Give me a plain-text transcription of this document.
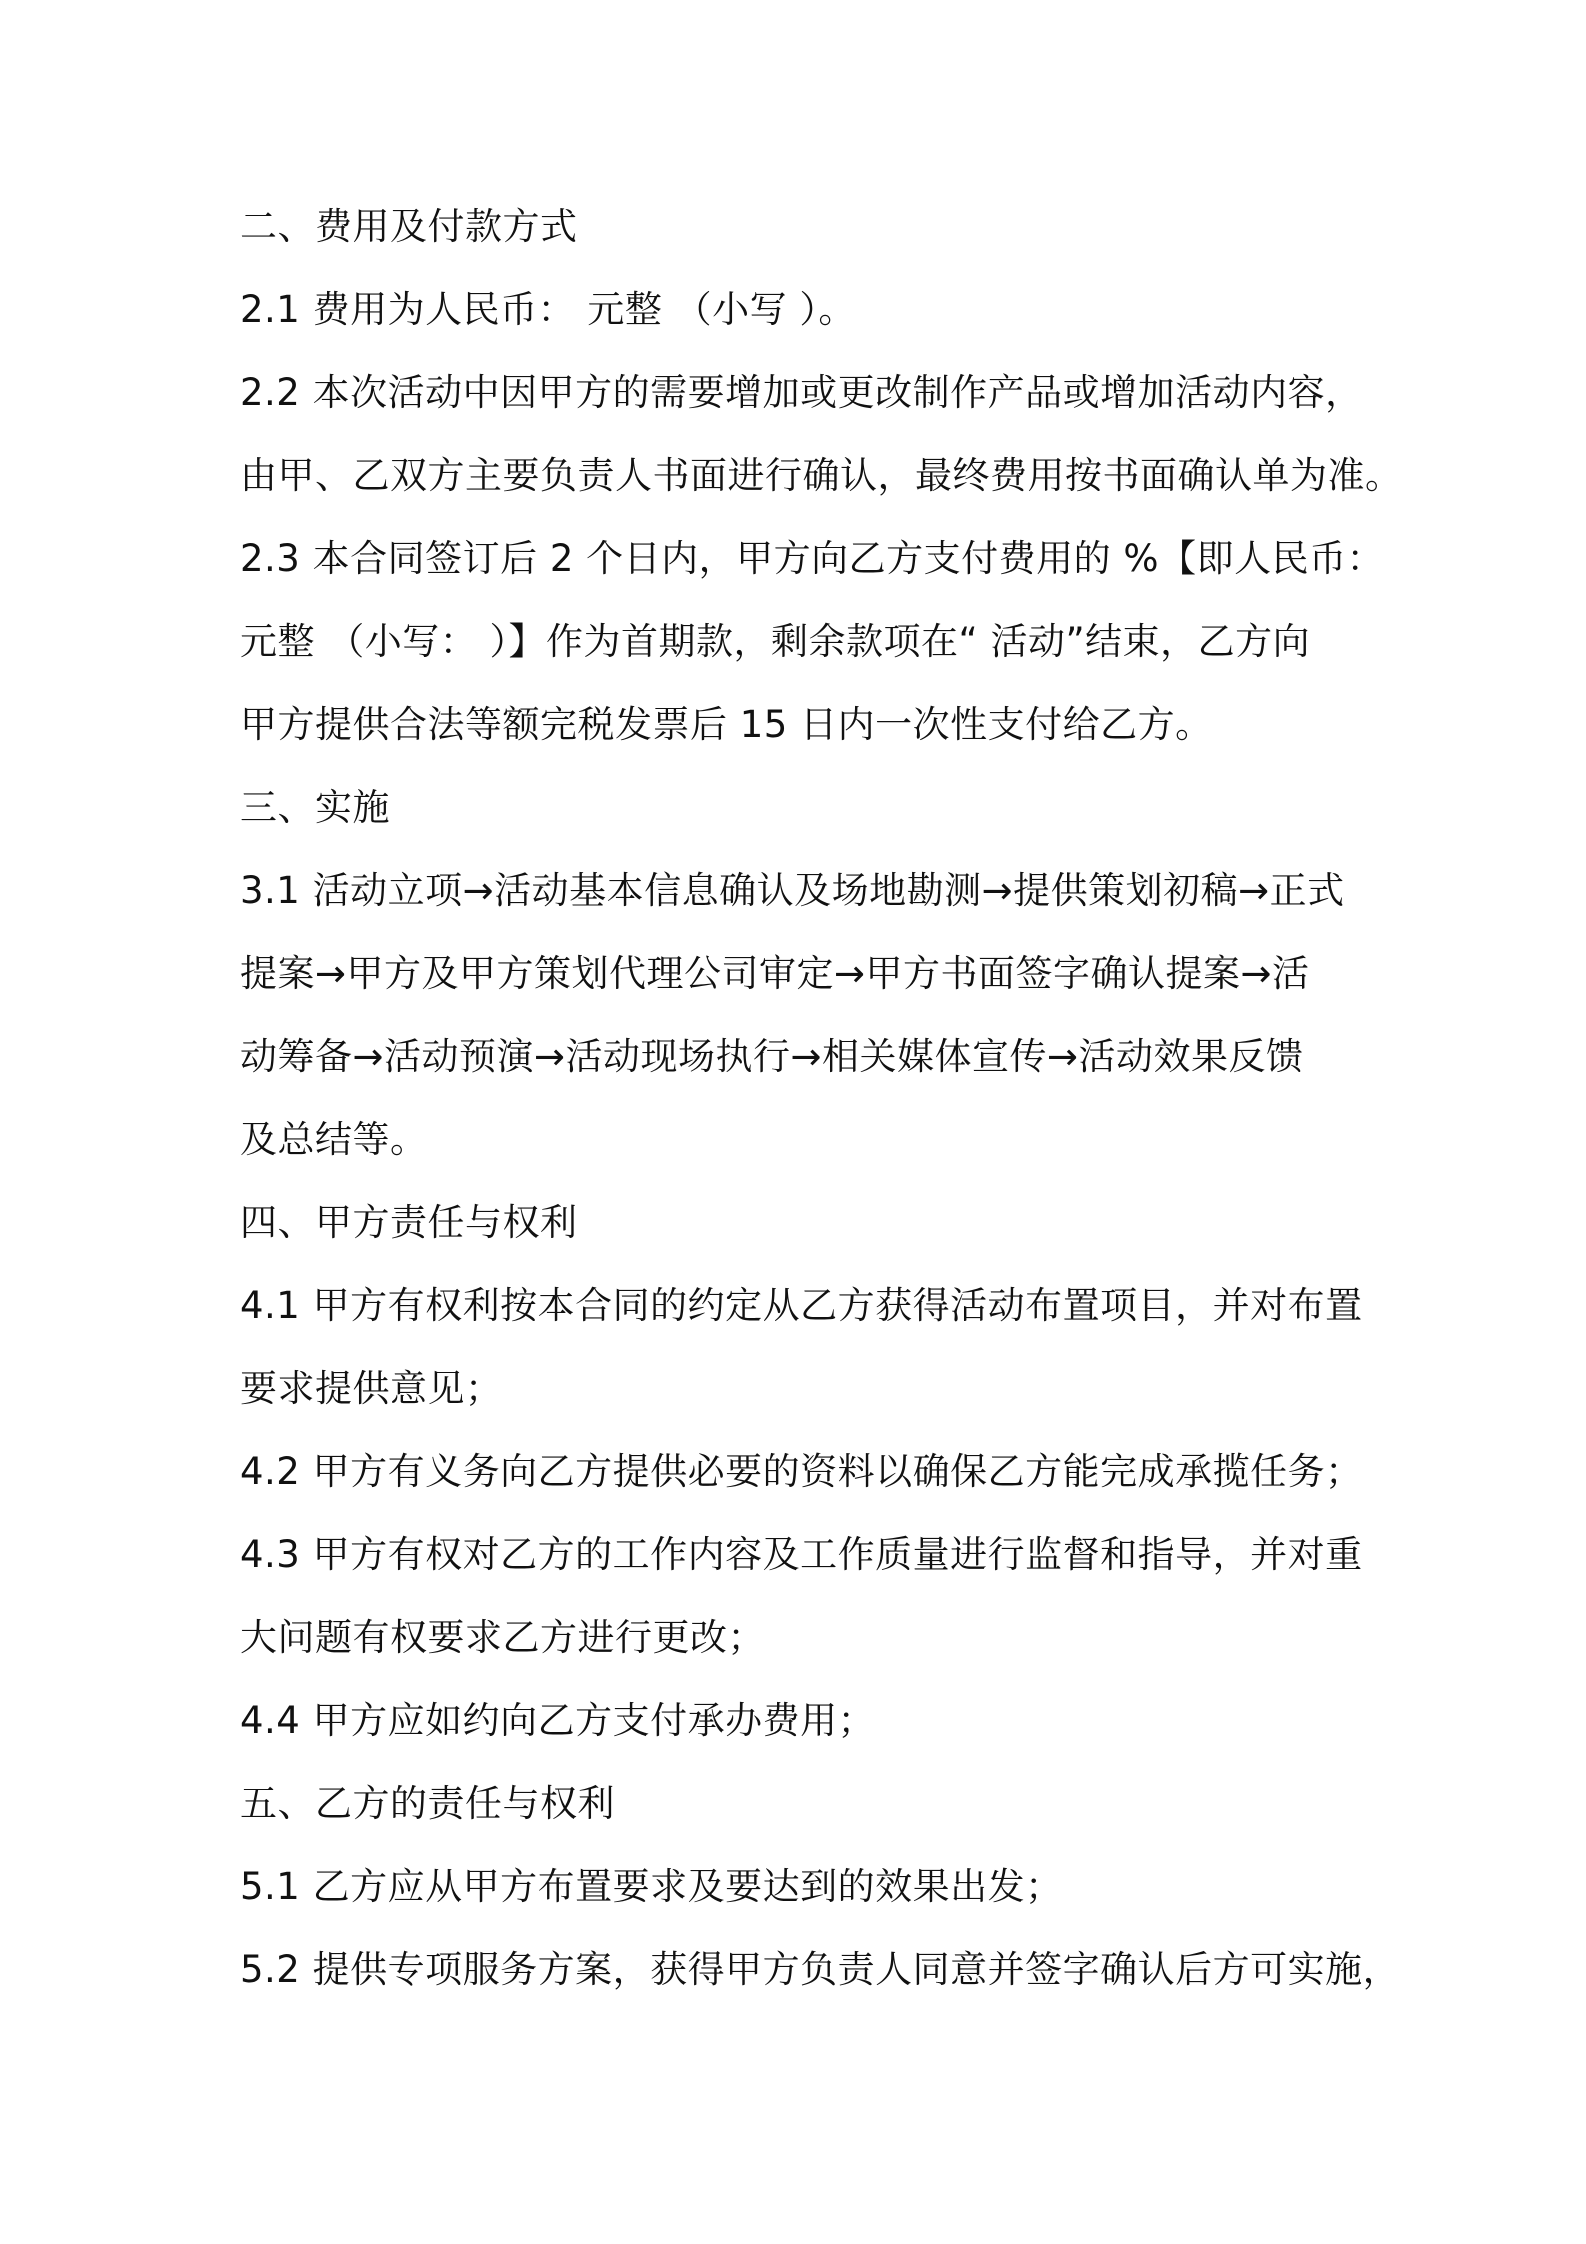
二、费用及付款方式
2.1 费用为人民币： 元整 （小写 ）。
2.2 本次活动中因甲方的需要增加或更改制作产品或增加活动内容，
由甲、乙双方主要负责人书面进行确认，最终费用按书面确认单为准。
2.3 本合同签订后 2 个日内，甲方向乙方支付费用的 %【即人民币：
元整 （小写： ）】作为首期款，剩余款项在“ 活动”结束，乙方向
甲方提供合法等额完税发票后 15 日内一次性支付给乙方。
三、实施
3.1 活动立项→活动基本信息确认及场地勘测→提供策划初稿→正式
提案→甲方及甲方策划代理公司审定→甲方书面签字确认提案→活
动筹备→活动预演→活动现场执行→相关媒体宣传→活动效果反馈
及总结等。
四、甲方责任与权利
4.1 甲方有权利按本合同的约定从乙方获得活动布置项目，并对布置
要求提供意见；
4.2 甲方有义务向乙方提供必要的资料以确保乙方能完成承揽任务；
4.3 甲方有权对乙方的工作内容及工作质量进行监督和指导，并对重
大问题有权要求乙方进行更改；
4.4 甲方应如约向乙方支付承办费用；
五、乙方的责任与权利
5.1 乙方应从甲方布置要求及要达到的效果出发；
5.2 提供专项服务方案，获得甲方负责人同意并签字确认后方可实施，
